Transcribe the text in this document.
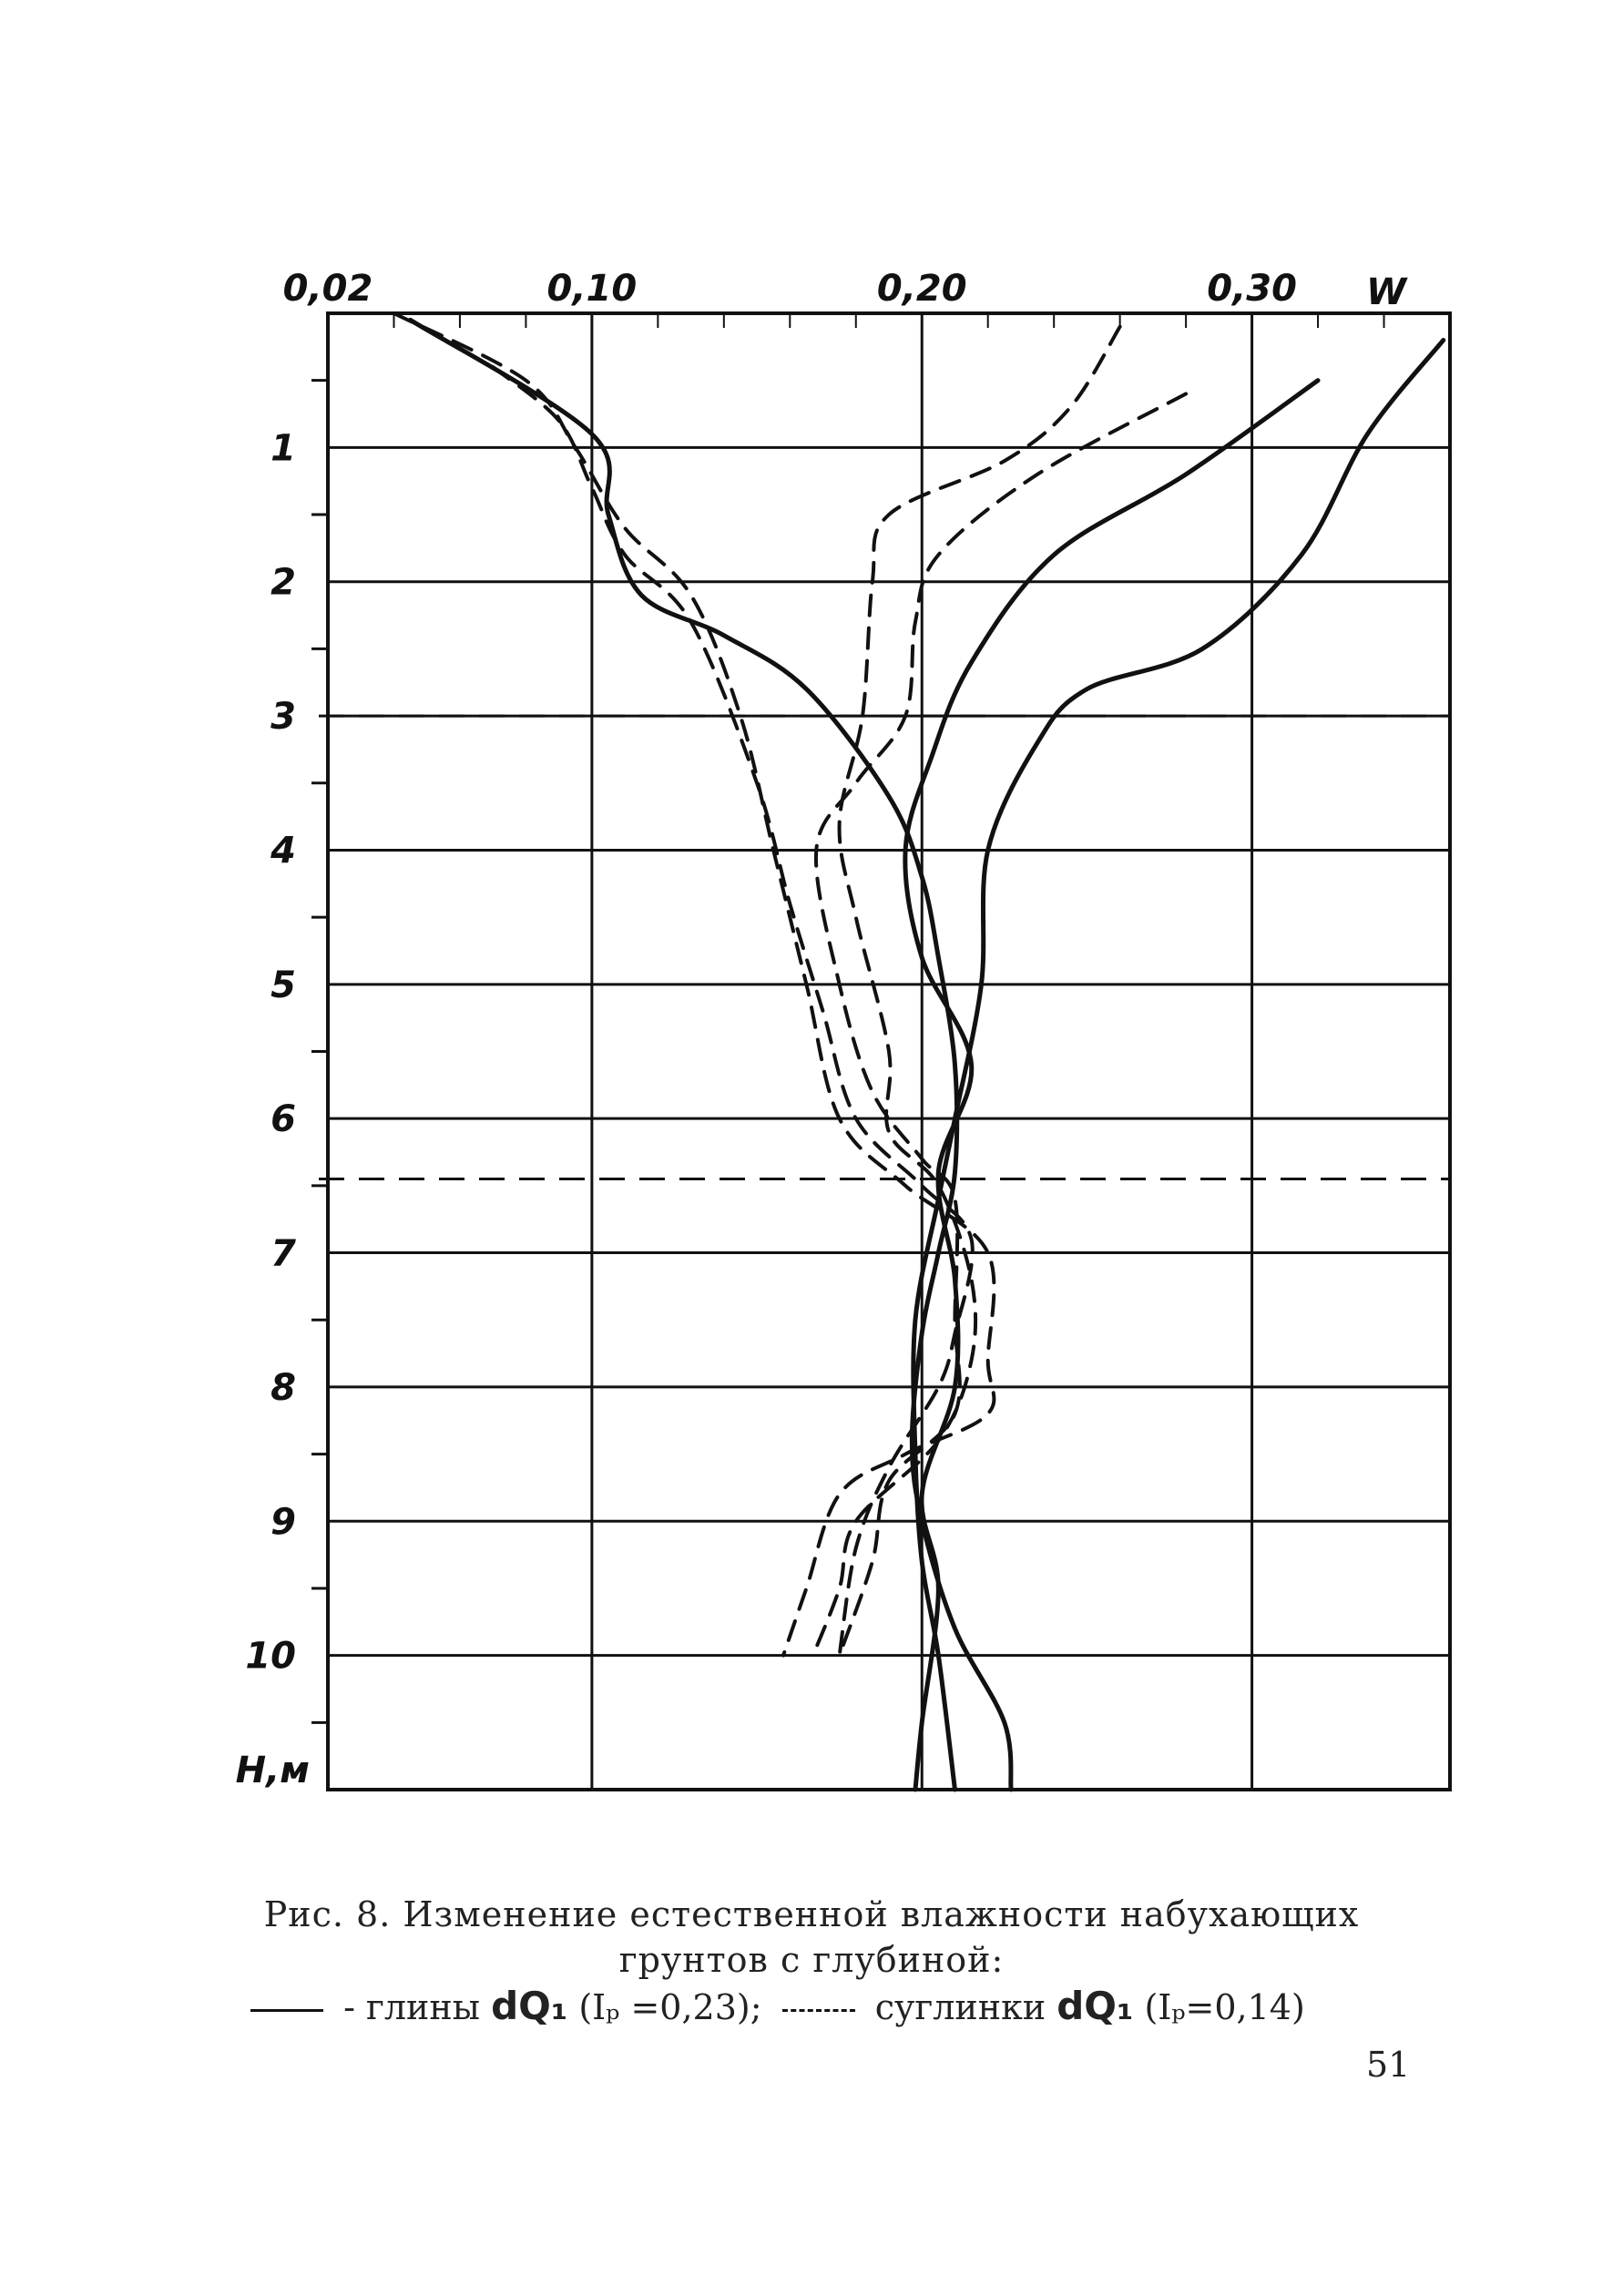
1
2
3
4
5
6
7
8
9
10
0,02	0,10	0,20	0,30 W
Н,м
Рис. 8. Изменение естественной влажности набухающих
грунтов с глубиной:
- глины dQ₁ (Iₚ =0,23);	суглинки dQ₁ (Iₚ=0,14)
51
